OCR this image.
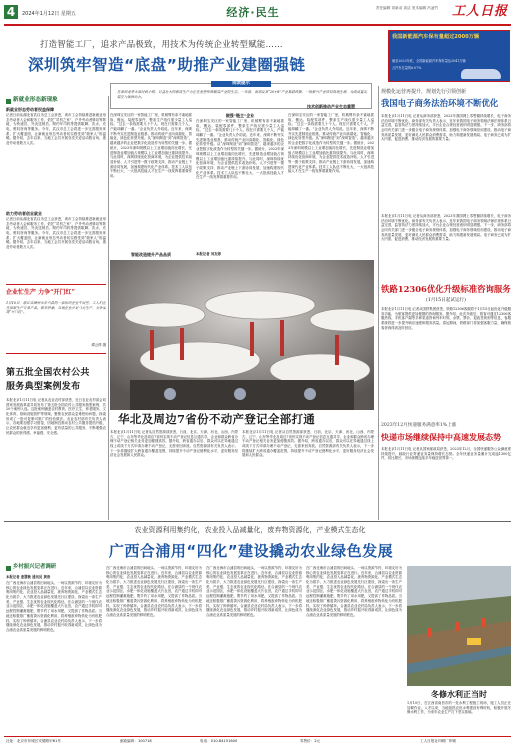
4	2024年1月12日 星期五	经济·民生	责任编辑 刘新羽 高洁 美术编辑 冯凌竹	工人日报
打造智能工厂，追求产品极致，用技术为传统企业转型赋能……
深圳筑牢智造“底盘”助推产业建圈强链
我国新能源汽车保有量超过2000万辆
截至2023年底，全国新能源汽车保有量达2041万辆
占汽车总量的6.07%
新就业形态新现象
新就业形态劳动者权益保障
记者日前从湖北省武汉市总工会获悉，该市工会持续推进新就业形态劳动者入会和服务工作，依托“司机之家”、户外劳动者驿站等阵地，为快递员、外卖送餐员、网约车司机等提供歇脚、饮水、充电、维权咨询等服务。今年，武汉市总工会将进一步完善服务体系，扩大覆盖面，让新就业形态劳动者切实感受到“娘家人”的温暖。据介绍，去年以来，当地工会共开展各类关爱活动数百场，惠及劳动者数万人次。
助力劳动者创业就业
记者日前从湖北省武汉市总工会获悉，该市工会持续推进新就业形态劳动者入会和服务工作，依托“司机之家”、户外劳动者驿站等阵地，为快递员、外卖送餐员、网约车司机等提供歇脚、饮水、充电、维权咨询等服务。今年，武汉市总工会将进一步完善服务体系，扩大覆盖面，让新就业形态劳动者切实感受到“娘家人”的温暖。据介绍，去年以来，当地工会共开展各类关爱活动数百场，惠及劳动者数万人次。
企业忙生产 力争“开门红”
1月10日，浙江省湖州市长兴县的一家纺织企业车间里，工人们正在加紧生产订单产品。新年伊始，当地企业开足马力生产，力争实现“开门红”。
谭云俸 摄
第五批全国农村公共
服务典型案例发布
本报北京1月11日电 记者从农业农村部获悉，近日农业农村部会同国家发展改革委共同发布了第五批全国农村公共服务典型案例，共20个案例入选。这批案例涵盖农村教育、医疗卫生、养老服务、文化体育、基础设施管护等领域，聚焦农民群众急难愁盼问题，探索形成了一批可复制可推广的经验做法。农业农村部有关负责人表示，各地要加强学习借鉴，因地制宜推动农村公共服务提档升级，让农民群众就近享有更加便利、更有质量的公共服务，不断增强农民群众的获得感、幸福感、安全感。
阅读提示
在深圳龙华大浪时尚小镇，日益壮大的新质生产力正在重塑传统服装产业的生态。一年前，深圳发布“20+8”产业集群政策，一批新兴产业项目落地生根，为高质量发展注入强劲动力。
在深圳宝安区的一家智能工厂里，机械臂有条不紊地抓取、搬运、装配零部件，整条生产线仅需少量工人巡检。“过去一条线需要几十个人，现在只需要几个人，产能却翻了一番。”企业负责人介绍说。近年来，深圳不断夯实先进制造业根基，推动传统产业向高端化、智能化、绿色化转型升级。从“深圳制造”到“深圳智造”，越来越多的企业把数字化改造作为转型的关键一步。据统计，2023年深圳规模以上工业增加值同比增长，先进制造业增加值占规模以上工业增加值比重持续提升。与此同时，深圳持续优化营商环境，为企业提供技术改造补贴、人才引进等一揽子政策支持，推动产业链上下游协同发展，加速构建现代化产业体系。技术工人队伍不断壮大，一大批高技能人才在生产一线发挥着重要作用。
做强“链主”企业
在深圳宝安区的一家智能工厂里，机械臂有条不紊地抓取、搬运、装配零部件，整条生产线仅需少量工人巡检。“过去一条线需要几十个人，现在只需要几个人，产能却翻了一番。”企业负责人介绍说。近年来，深圳不断夯实先进制造业根基，推动传统产业向高端化、智能化、绿色化转型升级。从“深圳制造”到“深圳智造”，越来越多的企业把数字化改造作为转型的关键一步。据统计，2023年深圳规模以上工业增加值同比增长，先进制造业增加值占规模以上工业增加值比重持续提升。与此同时，深圳持续优化营商环境，为企业提供技术改造补贴、人才引进等一揽子政策支持，推动产业链上下游协同发展，加速构建现代化产业体系。技术工人队伍不断壮大，一大批高技能人才在生产一线发挥着重要作用。
智能改造提升产品品质
在深圳宝安区的一家智能工厂里，机械臂有条不紊地抓取、搬运、装配零部件，整条生产线仅需少量工人巡检。“过去一条线需要几十个人，现在只需要几个人，产能却翻了一番。”企业负责人介绍说。近年来，深圳不断夯实先进制造业根基，推动传统产业向高端化、智能化、绿色化转型升级。从“深圳制造”到“深圳智造”，越来越多的企业把数字化改造作为转型的关键一步。据统计，2023年深圳规模以上工业增加值同比增长，先进制造业增加值占规模以上工业增加值比重持续提升。与此同时，深圳持续优化营商环境，为企业提供技术改造补贴、人才引进等一揽子政策支持，推动产业链上下游协同发展，加速构建现代化产业体系。技术工人队伍不断壮大，一大批高技能人才在生产一线发挥着重要作用。
技术创新推动产业生态重塑
本报记者 刘友婷
华北及周边7省份不动产登记全部打通
本报北京1月11日电 记者从自然资源部获悉，日前，北京、天津、河北、山西、内蒙古、辽宁、山东等华北及周边7省份实现不动产登记信息互通共享，企业和群众跨省办理不动产登记相关业务更加便捷高效。据介绍，跨省通办以后，群众可以在异地通过线上或线下方式申请办理不动产登记，无需来回奔波。自然资源部有关负责人表示，下一步将继续扩大跨省通办覆盖范围，持续提升不动产登记便利化水平，更好服务经济社会发展和人民群众。
本报北京1月11日电 记者从自然资源部获悉，日前，北京、天津、河北、山西、内蒙古、辽宁、山东等华北及周边7省份实现不动产登记信息互通共享，企业和群众跨省办理不动产登记相关业务更加便捷高效。据介绍，跨省通办以后，群众可以在异地通过线上或线下方式申请办理不动产登记，无需来回奔波。自然资源部有关负责人表示，下一步将继续扩大跨省通办覆盖范围，持续提升不动产登记便利化水平，更好服务经济社会发展和人民群众。
规模化运营再提升，规划先行引领创新
我国电子商务法治环境不断优化
本报北京1月11日电 记者从商务部获悉，2023年我国网上零售额持续增长，电子商务法治环境不断优化。商务部有关负责人表示，近年来我国电子商务领域法律法规体系日益完善，监管执法力度持续加大，平台企业合规经营意识明显增强。下一步，商务部将会同有关部门进一步健全电子商务规则体系，加强电子商务领域信用建设，推动电子商务高质量发展，更好满足人民群众消费需求，助力构建新发展格局。电子商务已成为扩大内需、促进消费、推动经济发展的重要力量。
本报北京1月11日电 记者从商务部获悉，2023年我国网上零售额持续增长，电子商务法治环境不断优化。商务部有关负责人表示，近年来我国电子商务领域法律法规体系日益完善，监管执法力度持续加大，平台企业合规经营意识明显增强。下一步，商务部将会同有关部门进一步健全电子商务规则体系，加强电子商务领域信用建设，推动电子商务高质量发展，更好满足人民群众消费需求，助力构建新发展格局。电子商务已成为扩大内需、促进消费、推动经济发展的重要力量。
铁路12306优化升级标准咨询服务
(1月15日起试运行)
本报北京1月11日电 记者从国铁集团获悉，铁路12306客服将于1月15日起优化升级服务功能，为旅客提供更加便捷的咨询服务。据介绍，此次升级后，旅客可通过12306客服热线、手机客户端等多种渠道咨询列车时刻、余票、票价、退改签规则等信息，客服系统将进一步提升响应速度和服务质量。春运期间，铁路部门将加强客服力量，确保旅客咨询得到及时回应。
2023年12月快递服务满意率1%上涨
快递市场继续保持中高速发展态势
本报北京1月11日电 记者从国家邮政局获悉，2023年12月，全国快递服务公众满意度持续提升，邮政行业寄递业务量保持增长态势。全年快递业务量累计完成逾1300亿件，同比增长，市场规模连续多年稳居世界第一。
农业资源利用集约化，农业投入品减量化，废弃物资源化，产业模式生态化
广西合浦用“四化”建设撬动农业绿色发展
乡村振兴记者调研
本报记者 庞慧敏 通讯员 黄浩
在广西北海市合浦县的田间地头，一场以资源节约、环境友好为核心的农业绿色发展变革正在进行。近年来，合浦县以农业资源利用集约化、农业投入品减量化、废弃物资源化、产业模式生态化为抓手，大力推进农业绿色发展先行区建设，探索出一条生产美、产业强、生态优的农业现代化路径。在合浦县的一个现代农业示范园区，水肥一体化设施覆盖大片农田，农户通过手机即可远程控制灌溉施肥，既节约了用水用肥，又提高了作物品质。当地还积极推广畜禽粪污资源化利用，将养殖废弃物转化为有机肥料，实现了种养循环。合浦县农业农村局负责人表示，下一步将继续深化农业绿色发展，推动乡村振兴取得新成效，让绿色成为合浦农业高质量发展的鲜明底色。
在广西北海市合浦县的田间地头，一场以资源节约、环境友好为核心的农业绿色发展变革正在进行。近年来，合浦县以农业资源利用集约化、农业投入品减量化、废弃物资源化、产业模式生态化为抓手，大力推进农业绿色发展先行区建设，探索出一条生产美、产业强、生态优的农业现代化路径。在合浦县的一个现代农业示范园区，水肥一体化设施覆盖大片农田，农户通过手机即可远程控制灌溉施肥，既节约了用水用肥，又提高了作物品质。当地还积极推广畜禽粪污资源化利用，将养殖废弃物转化为有机肥料，实现了种养循环。合浦县农业农村局负责人表示，下一步将继续深化农业绿色发展，推动乡村振兴取得新成效，让绿色成为合浦农业高质量发展的鲜明底色。
在广西北海市合浦县的田间地头，一场以资源节约、环境友好为核心的农业绿色发展变革正在进行。近年来，合浦县以农业资源利用集约化、农业投入品减量化、废弃物资源化、产业模式生态化为抓手，大力推进农业绿色发展先行区建设，探索出一条生产美、产业强、生态优的农业现代化路径。在合浦县的一个现代农业示范园区，水肥一体化设施覆盖大片农田，农户通过手机即可远程控制灌溉施肥，既节约了用水用肥，又提高了作物品质。当地还积极推广畜禽粪污资源化利用，将养殖废弃物转化为有机肥料，实现了种养循环。合浦县农业农村局负责人表示，下一步将继续深化农业绿色发展，推动乡村振兴取得新成效，让绿色成为合浦农业高质量发展的鲜明底色。
在广西北海市合浦县的田间地头，一场以资源节约、环境友好为核心的农业绿色发展变革正在进行。近年来，合浦县以农业资源利用集约化、农业投入品减量化、废弃物资源化、产业模式生态化为抓手，大力推进农业绿色发展先行区建设，探索出一条生产美、产业强、生态优的农业现代化路径。在合浦县的一个现代农业示范园区，水肥一体化设施覆盖大片农田，农户通过手机即可远程控制灌溉施肥，既节约了用水用肥，又提高了作物品质。当地还积极推广畜禽粪污资源化利用，将养殖废弃物转化为有机肥料，实现了种养循环。合浦县农业农村局负责人表示，下一步将继续深化农业绿色发展，推动乡村振兴取得新成效，让绿色成为合浦农业高质量发展的鲜明底色。
冬修水利正当时
1月10日，在江西省南昌市的一处水利工程施工现场，施工人员正在加紧作业。入冬以来，当地抢抓农田水利建设有利时机，积极开展冬修水利工作，为来年农业生产打下坚实基础。
社址：北京市东城区安德路甲61号	邮政编码：100718	电话：010-84151600	零售价：2元	工人日报社印刷厂印刷
